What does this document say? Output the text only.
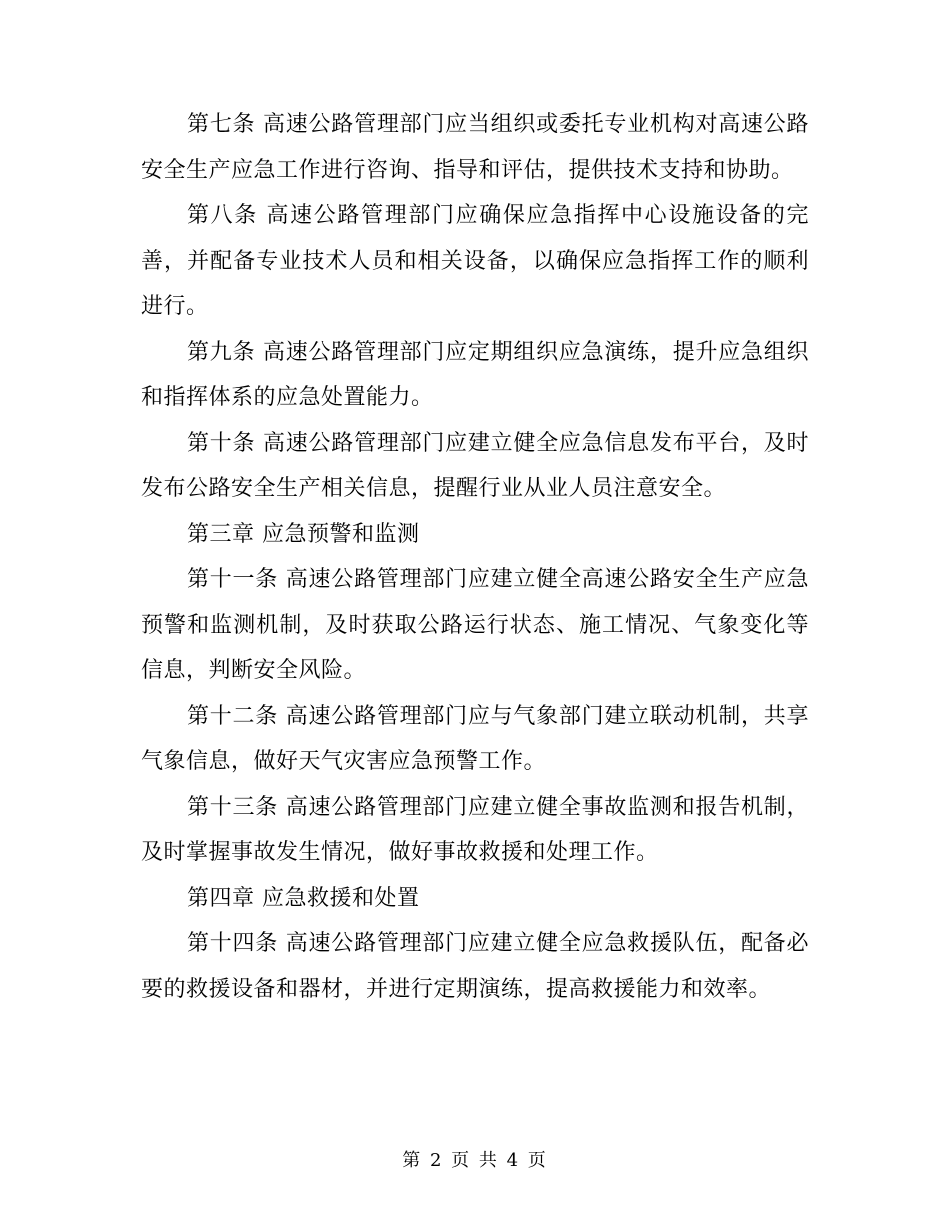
第七条 高速公路管理部门应当组织或委托专业机构对高速公路安全生产应急工作进行咨询、指导和评估，提供技术支持和协助。

第八条 高速公路管理部门应确保应急指挥中心设施设备的完善，并配备专业技术人员和相关设备，以确保应急指挥工作的顺利进行。

第九条 高速公路管理部门应定期组织应急演练，提升应急组织和指挥体系的应急处置能力。

第十条 高速公路管理部门应建立健全应急信息发布平台，及时发布公路安全生产相关信息，提醒行业从业人员注意安全。

第三章 应急预警和监测

第十一条 高速公路管理部门应建立健全高速公路安全生产应急预警和监测机制，及时获取公路运行状态、施工情况、气象变化等信息，判断安全风险。

第十二条 高速公路管理部门应与气象部门建立联动机制，共享气象信息，做好天气灾害应急预警工作。

第十三条 高速公路管理部门应建立健全事故监测和报告机制，及时掌握事故发生情况，做好事故救援和处理工作。

第四章 应急救援和处置

第十四条 高速公路管理部门应建立健全应急救援队伍，配备必要的救援设备和器材，并进行定期演练，提高救援能力和效率。

第 2 页 共 4 页
